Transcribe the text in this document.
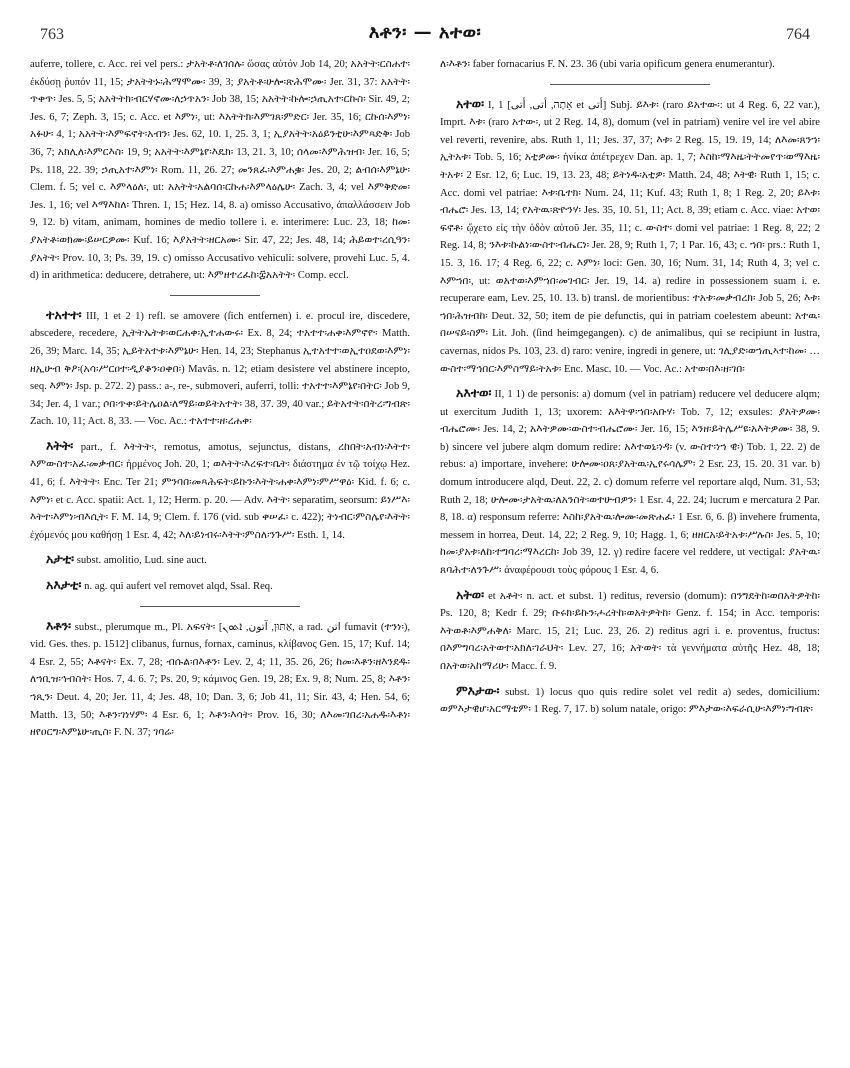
763	እቶን፡ — አተወ፡	764

auferre, tollere, c. Acc. rei vel pers.: ታአትቶ፡ለገሰሉ፡ ὥσας αὐτόν Job 14, 20; አአትት፡ርስሐተ፡ ἐκδύσῃ ῥυπόν 11, 15; ታአትትኑ፡ሕማሞሙ፡ 39, 3; ያአትቶ፡ሁሎ፡ጽሕሞሙ፡ Jer. 31, 37: አአትት፡ጥቀጥ፡ Jes. 5, 5; አአትትክ፡ብርሃኖሙ፡ለኃጥአን፡ Job 38, 15; አአትት፡ኩሎ፡ኃጢአተ፡ርኩስ፡ Sir. 49, 2; Jes. 6, 7; Zeph. 3, 15; c. Acc. et እምነ፡, ut: እአትትክ፡እምገጸ፡ምድር፡ Jer. 35, 16; ርኩሰ፡እምነ፡አፉሁ፡ 4, 1; አአትት፡እምፍኖት፡አብን፡ Jes. 62, 10. 1, 25. 3, 1; ኢያአትት፡አዕይንቲሁ፡እምጻድቅ፡ Job 36, 7; አክሊለ፡እምርእስ፡ 19, 9; አአትት፡እምኔየ፡እዴክ፡ 13, 21. 3, 10; ሰላመ፡እምሕዝብ፡ Jer. 16, 5; Ps. 118, 22. 39; ኃጢአተ፡እምነ፡ Rom. 11, 26. 27; መንጸፈ፡እምሐቌ፡ Jes. 20, 2; ልብሰ፡እምኔሁ፡ Clem. f. 5; vel c. እምላዕለ፡, ut: አአትት፡አልባሰ፡ርኩሐ፡እምላዕሌሁ፡ Zach. 3, 4; vel እምቅድመ፡ Jes. 1, 16; vel እማእከለ፡ Thren. 1, 15; Hez. 14, 8. a) omisso Accusativo, ἀπαλλάσσειν Job 9, 12. b) vitam, animam, homines de medio tollere i. e. interimere: Luc. 23, 18; ከመ፡ያአትቶ፡ወክሙ፡ይሠርዎሙ፡ Kuf. 16; እያአትት፡ዘርአሙ፡ Sir. 47, 22; Jes. 48, 14; ሕይወተ፡ረሲዓን፡ያአትት፡ Prov. 10, 3; Ps. 39, 19. c) omisso Accusativo vehiculi: solvere, provehi Luc. 5, 4. d) in arithmetica: deducere, detrahere, ut: እምዘተረፈከ፡፰አአትት፡ Comp. eccl.

ተአተተ፡ III, 1 et 2 1) refl. se amovere (ſich entfernen) i. e. procul ire, discedere, abscedere, recedere, ኢትትኤትቱ፡ወርሐቀ፡ኢተሐውሩ፡ Ex. 8, 24; ተአተተ፡ሐቀ፡እምኖዮ፡ Matth. 26, 39; Marc. 14, 35; ኢይትአተቱ፡እምኔሁ፡ Hen. 14, 23; Stephanus ኢተአተተ፡ወኢተዐደወ፡እምነ፡ዘኢሁብ ቅዖ፡(አሳ፡ሥርዐተ፡ዲያቆን፡ዐቀበ፡) Mavâs. n. 12; etiam desistere vel abstinere incepto, seq. እምነ፡ Jsp. p. 272. 2) pass.: a-, re-, submoveri, auferri, tolli: ተአተተ፡እምኔየ፡በትር፡ Job 9, 34; Jer. 4, 1 var.; ሶበ፡ጥቀ፡ይትሌዐል፡ለማይ፡ወይትአተት፡ 38, 37. 39, 40 var.; ይትአተት፡በትረ፡ግብጽ፡ Zach. 10, 11; Act. 8, 33. — Voc. Ac.: ተአተተ፡ዘ፡ረሐቀ፡

እትት፡ part., f. እትትት፡, remotus, amotus, sejunctus, distans, ረከበት፡አብነ፡እትተ፡እምውስተ፡አፈ፡መቃብር፡ ἠρμένος Joh. 20, 1; ወእትት፡እረፍተ፡ቤት፡ διάστημα ἐν τῷ τοίχῳ Hez. 41, 6; f. እትትት፡ Enc. Ter 21; ምንባበ፡መጻሕፍት፡ይኩን፡እትት፡ሐቀ፡እምነ፡ምሥዋዕ፡ Kid. f. 6; c. እምነ፡ et c. Acc. spatii: Act. 1, 12; Herm. p. 20. — Adv. እትት፡ separatim, seorsum: ይነሥእ፡እትተ፡እምነ፡ብእሲት፡ F. M. 14, 9; Clem. f. 176 (vid. sub ቀሠፈ፡ c. 422); ትነብር፡ምስሌየ፡እትት፡ ἐχόμενός μου καθήσῃ 1 Esr. 4, 42; እለ፡ይነብሩ፡እትት፡ምስለ፡ንጉሥ፡ Esth. 1, 14.

አታቲ፡ subst. amolitio, Lud. sine auct.

አእታቲ፡ n. ag. qui aufert vel removet alqd, Ssal. Req.

እቶን፡ subst., plerumque m., Pl. አፍናት፡ [אַתּוּן, آتون, ܐܬܘܢ, a rad. اتن fumavit (ተንነ፡), vid. Ges. thes. p. 1512] clibanus, furnus, fornax, caminus, κλίβανος Gen. 15, 17; Kuf. 14; 4 Esr. 2, 55; እቶናት፡ Ex. 7, 28; ብሱል፡በእቶን፡ Lev. 2, 4; 11, 35. 26, 26; ከመ፡እቶን፡ዘእንደዱ፡ለኀቢዝ፡ኅብስት፡ Hos. 7, 4. 6. 7; Ps. 20, 9; κάμινος Gen. 19, 28; Ex. 9, 8; Num. 25, 8; እቶን፡ኀጺን፡ Deut. 4, 20; Jer. 11, 4; Jes. 48, 10; Dan. 3, 6; Job 41, 11; Sir. 43, 4; Hen. 54, 6; Matth. 13, 50; እቶን፡ገነሃም፡ 4 Esr. 6, 1; እቶን፡እሳት፡ Prov. 16, 30; ለእመ፡ገበረ፡አሐዱ፡እቶነ፡ዘየዐርግ፡እምኔሁ፡ጢስ፡ F. N. 37; ገባሬ፡

ለ፡እቶን፡ faber fornacarius F. N. 23. 36 (ubi varia opificum genera enumerantur).

አተወ፡ I, 1 [אָתָה, أتى, أتى et أتى] Subj. ይእቱ፡ (raro ይአተው፡: ut 4 Reg. 6, 22 var.), Imprt. እቱ፡ (raro አተው፡, ut 2 Reg. 14, 8), domum (vel in patriam) venire vel ire vel abire vel reverti, revenire, abs. Ruth 1, 11; Jes. 37, 37; እቱ፡ 2 Reg. 15, 19. 19, 14; ለእመ፡ጸንኀ፡ኢትአቱ፡ Tob. 5, 16; አቲዎሙ፡ ἡνίκα ἀπέτρεχεν Dan. ap. 1, 7; እስከ፡ማእዜ፡ትትመየጥ፡ወማእዜ፡ትአቱ፡ 2 Esr. 12, 6; Luc. 19, 13. 23, 48; ይትነዱ፡አቲዎ፡ Matth. 24, 48; እትዊ፡ Ruth 1, 15; c. Acc. domi vel patriae: እቱ፡ቤተክ፡ Num. 24, 11; Kuf. 43; Ruth 1, 8; 1 Reg. 2, 20; ይእቱ፡ብሔሮ፡ Jes. 13, 14; የአትዉ፡ጽዮንሃ፡ Jes. 35, 10. 51, 11; Act. 8, 39; etiam c. Acc. viae: አተወ፡ፍኖቶ፡ ᾤχετο εἰς τὴν ὁδὸν αὐτοῦ Jer. 35, 11; c. ውስተ፡ domi vel patriae: 1 Reg. 8, 22; 2 Reg. 14, 8; ንእቱ፡ኩልነ፡ውስተ፡ብሔርነ፡ Jer. 28, 9; Ruth 1, 7; 1 Par. 16, 43; c. ኀበ፡ prs.: Ruth 1, 15. 3, 16. 17; 4 Reg. 6, 22; c. እምነ፡ loci: Gen. 30, 16; Num. 31, 14; Ruth 4, 3; vel c. እምኀበ፡, ut: ወአተወ፡እምኀበ፡መገብር፡ Jer. 19, 14. a) redire in possessionem suam i. e. recuperare eam, Lev. 25, 10. 13. b) transl. de morientibus: ተአቱ፡መቃብረክ፡ Job 5, 26; እቱ፡ኀበ፡ሕዝብከ፡ Deut. 32, 50; item de pie defunctis, qui in patriam coelestem abeunt: አተዉ፡በሠናይ፡ስም፡ Lit. Joh. (ſind heimgegangen). c) de animalibus, qui se recipiunt in lustra, cavernas, nidos Ps. 103, 23. d) raro: venire, ingredi in genere, ut: ገሊያድ፡ወኀጢኣተ፡ከመ፡ … ውስተ፡ማኅበር፡እምስማይ፡ትአቱ፡ Enc. Masc. 10. — Voc. Ac.: አተወ፡በእ፡ዘ፡ገበ፡

አእተወ፡ II, 1 1) de personis: a) domum (vel in patriam) reducere vel deducere alqm; ut exercitum Judith 1, 13; uxorem: አእትዋ፡ኀበ፡አቡሃ፡ Tob. 7, 12; exsules: ያአትዎሙ፡ብሔሮሙ፡ Jes. 14, 2; አእትዎሙ፡ውስተ፡ብሔሮሙ፡ Jer. 16, 15; እንዘ፡ይትሌሥዩ፡አእትዎሙ፡ 38, 9. b) sincere vel jubere alqm domum redire: አእተወኒ፡ነዳ፡ (v. ውስተ፡ነኀ ዊ፡) Tob. 1, 22. 2) de rebus: a) importare, invehere: ሁሎሙ፡ዐጸ፡ያአትዉ፡ኢየሩሳሌም፡ 2 Esr. 23, 15. 20. 31 var. b) domum introducere alqd, Deut. 22, 2. c) domum referre vel reportare alqd, Num. 31, 53; Ruth 2, 18; ሁሎሙ፡ታአትዉ፡ለአንስት፡ወተሁብዎን፡ 1 Esr. 4, 22. 24; lucrum e mercatura 2 Par. 8, 18. α) responsum referre: እስከ፡ያአትዉ፡ሎሙ፡መጽሐፈ፡ 1 Esr. 6, 6. β) invehere frumenta, messem in horrea, Deut. 14, 22; 2 Reg. 9, 10; Hagg. 1, 6; ዘዘርአ፡ይትአቱ፡ሥሉስ፡ Jes. 5, 10; ከመ፡ያአቱ፡ለከ፡ተግባረ፡ማእረርከ፡ Job 39, 12. γ) redire facere vel reddere, ut vectigal: ያአትዉ፡ጸባሕተ፡ለንጉሥ፡ ἀναφέρουσι τοὺς φόρους 1 Esr. 4, 6.

አትወ፡ et አቶት፡ n. act. et subst. 1) reditus, reversio (domum): በንግደትከ፡ወበአትዎትከ፡ Ps. 120, 8; Kedr f. 29; ቡሩክ፡ይኩን፡ሖረትከ፡ወአትዎትከ፡ Genz. f. 154; in Acc. temporis: እትወቶ፡እምሐቅለ፡ Marc. 15, 21; Luc. 23, 26. 2) reditus agri i. e. proventus, fructus: በእምግባረ፡አትወተ፡አክለ፡ገራህት፡ Lev. 27, 16; አትወት፡ τὰ γεννήματα αὐτῆς Hez. 48, 18; በአትወ፡አከማሪሁ፡ Macc. f. 9.

ምእታው፡ subst. 1) locus quo quis redire solet vel redit a) sedes, domicilium: ወምእታዊሆ፡አርማቴም፡ 1 Reg. 7, 17. b) solum natale, origo: ምእታው፡እፍራሲሁ፡እምነ፡ግብጽ፡
